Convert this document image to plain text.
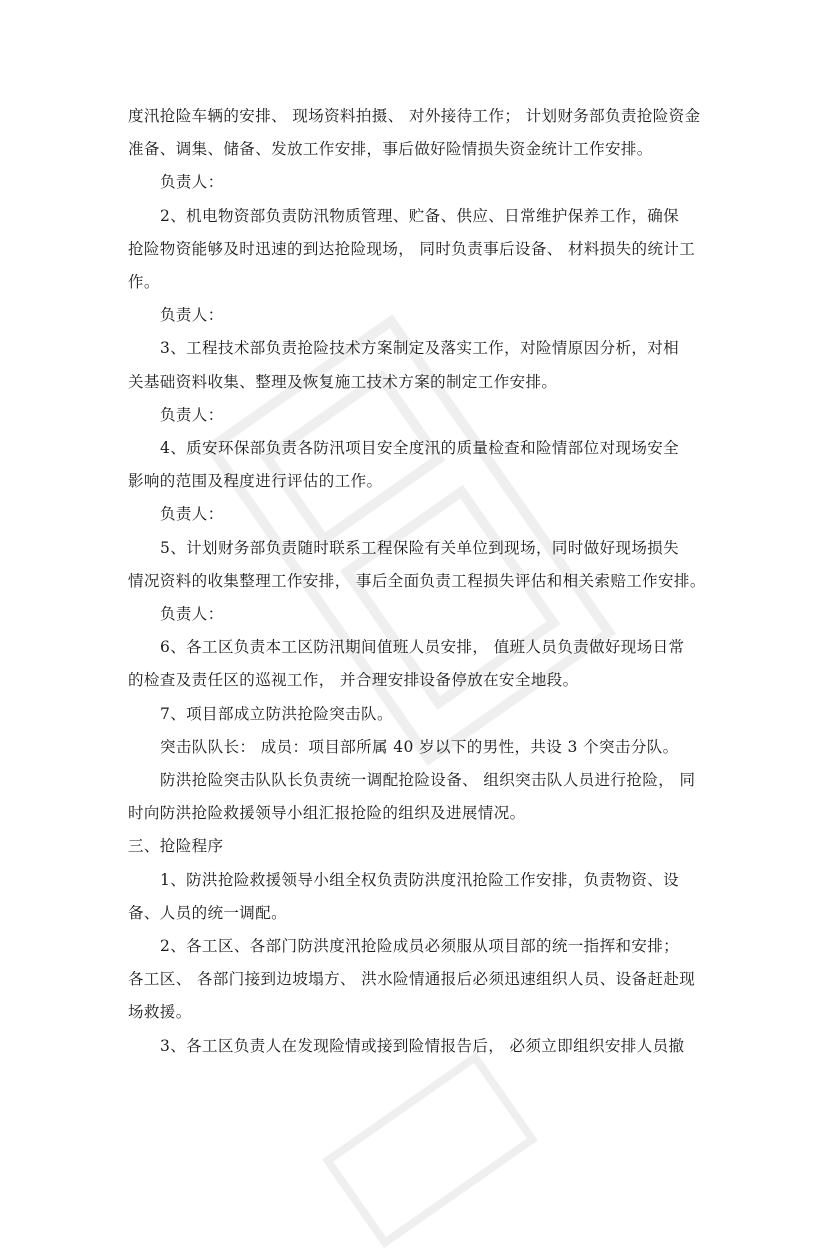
度汛抢险车辆的安排、 现场资料拍摄、 对外接待工作； 计划财务部负责抢险资金

准备、调集、储备、发放工作安排，事后做好险情损失资金统计工作安排。

负责人：

2、机电物资部负责防汛物质管理、贮备、供应、日常维护保养工作，确保

抢险物资能够及时迅速的到达抢险现场， 同时负责事后设备、 材料损失的统计工

作。

负责人：

3、工程技术部负责抢险技术方案制定及落实工作，对险情原因分析，对相

关基础资料收集、整理及恢复施工技术方案的制定工作安排。

负责人：

4、质安环保部负责各防汛项目安全度汛的质量检查和险情部位对现场安全

影响的范围及程度进行评估的工作。

负责人：

5、计划财务部负责随时联系工程保险有关单位到现场，同时做好现场损失

情况资料的收集整理工作安排， 事后全面负责工程损失评估和相关索赔工作安排。

负责人：

6、各工区负责本工区防汛期间值班人员安排， 值班人员负责做好现场日常

的检查及责任区的巡视工作， 并合理安排设备停放在安全地段。

7、项目部成立防洪抢险突击队。

突击队队长： 成员：项目部所属 40 岁以下的男性，共设 3 个突击分队。

防洪抢险突击队队长负责统一调配抢险设备、 组织突击队人员进行抢险， 同

时向防洪抢险救援领导小组汇报抢险的组织及进展情况。

三、抢险程序

1、防洪抢险救援领导小组全权负责防洪度汛抢险工作安排，负责物资、设

备、人员的统一调配。

2、各工区、各部门防洪度汛抢险成员必须服从项目部的统一指挥和安排；

各工区、 各部门接到边坡塌方、 洪水险情通报后必须迅速组织人员、设备赶赴现

场救援。

3、各工区负责人在发现险情或接到险情报告后， 必须立即组织安排人员撤
